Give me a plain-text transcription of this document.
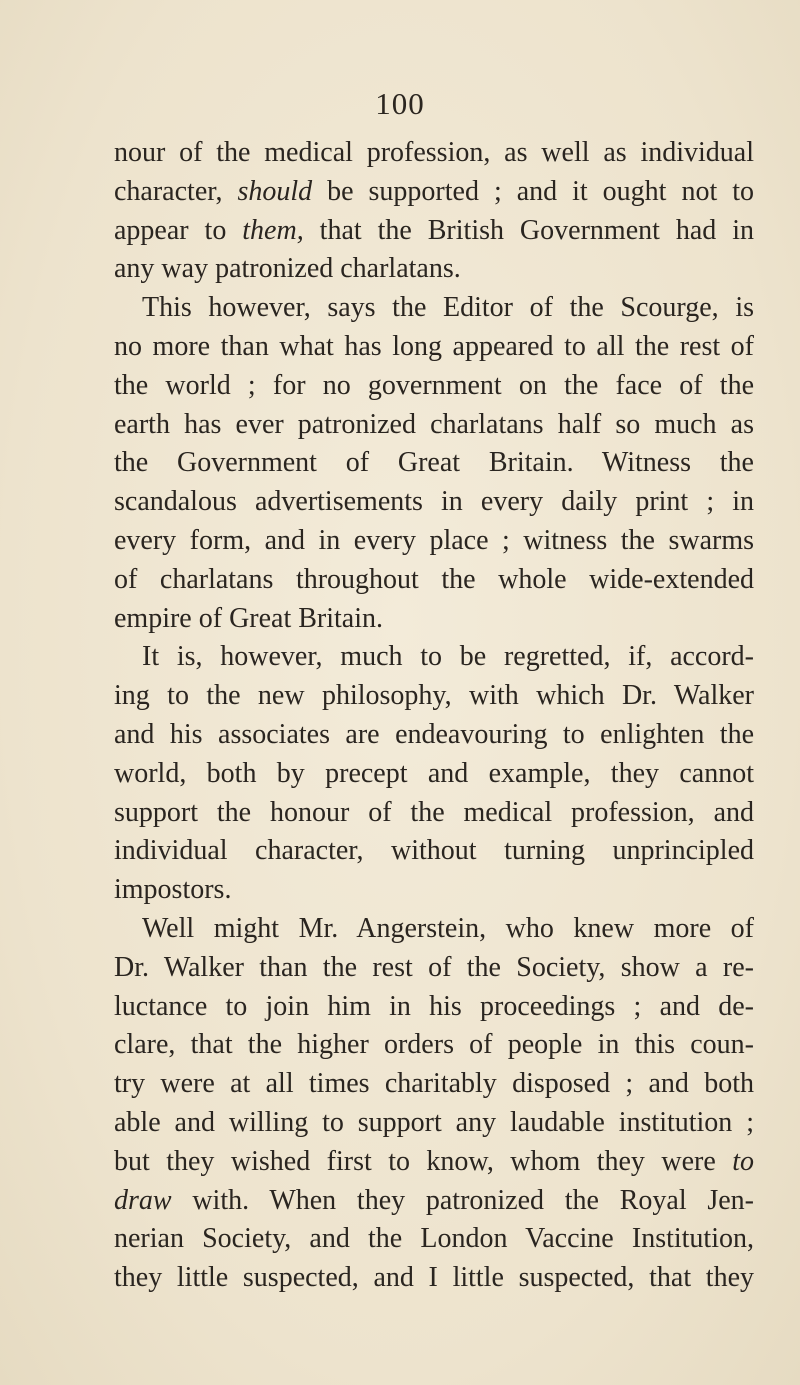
100
nour of the medical profession, as well as individual
character, should be supported ; and it ought not to
appear to them, that the British Government had in
any way patronized charlatans.
This however, says the Editor of the Scourge, is
no more than what has long appeared to all the rest of
the world ; for no government on the face of the
earth has ever patronized charlatans half so much as
the Government of Great Britain. Witness the
scandalous advertisements in every daily print ; in
every form, and in every place ; witness the swarms
of charlatans throughout the whole wide-extended
empire of Great Britain.
It is, however, much to be regretted, if, accord-
ing to the new philosophy, with which Dr. Walker
and his associates are endeavouring to enlighten the
world, both by precept and example, they cannot
support the honour of the medical profession, and
individual character, without turning unprincipled
impostors.
Well might Mr. Angerstein, who knew more of
Dr. Walker than the rest of the Society, show a re-
luctance to join him in his proceedings ; and de-
clare, that the higher orders of people in this coun-
try were at all times charitably disposed ; and both
able and willing to support any laudable institution ;
but they wished first to know, whom they were to
draw with. When they patronized the Royal Jen-
nerian Society, and the London Vaccine Institution,
they little suspected, and I little suspected, that they
